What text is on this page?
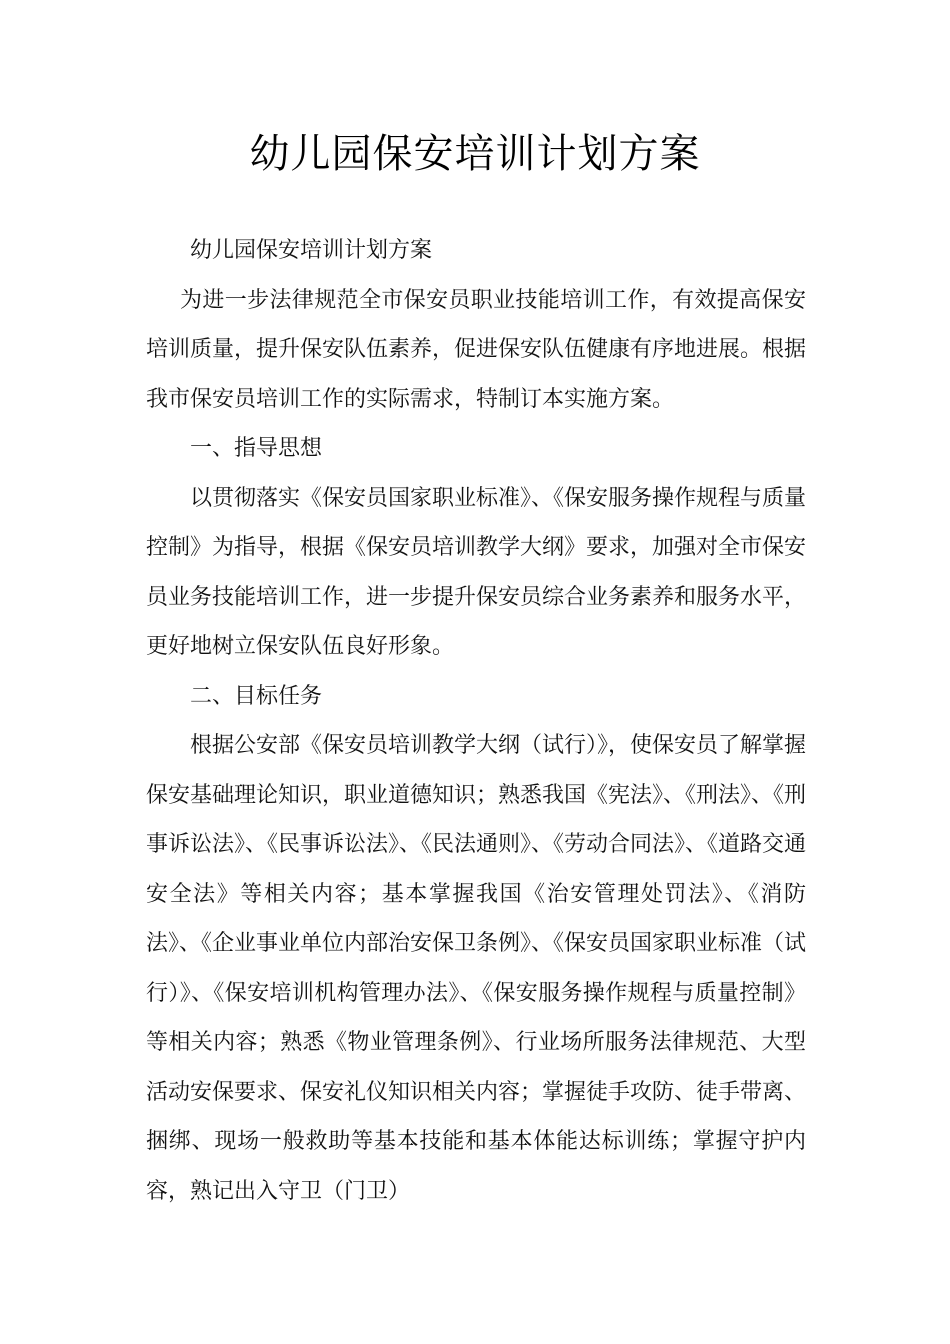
幼儿园保安培训计划方案

幼儿园保安培训计划方案

为进一步法律规范全市保安员职业技能培训工作，有效提高保安培训质量，提升保安队伍素养，促进保安队伍健康有序地进展。根据我市保安员培训工作的实际需求，特制订本实施方案。

一、指导思想

以贯彻落实《保安员国家职业标准》、《保安服务操作规程与质量控制》为指导，根据《保安员培训教学大纲》要求，加强对全市保安员业务技能培训工作，进一步提升保安员综合业务素养和服务水平，更好地树立保安队伍良好形象。

二、目标任务

根据公安部《保安员培训教学大纲（试行）》，使保安员了解掌握保安基础理论知识，职业道德知识；熟悉我国《宪法》、《刑法》、《刑事诉讼法》、《民事诉讼法》、《民法通则》、《劳动合同法》、《道路交通安全法》等相关内容；基本掌握我国《治安管理处罚法》、《消防法》、《企业事业单位内部治安保卫条例》、《保安员国家职业标准（试行）》、《保安培训机构管理办法》、《保安服务操作规程与质量控制》等相关内容；熟悉《物业管理条例》、行业场所服务法律规范、大型活动安保要求、保安礼仪知识相关内容；掌握徒手攻防、徒手带离、捆绑、现场一般救助等基本技能和基本体能达标训练；掌握守护内容，熟记出入守卫（门卫）
